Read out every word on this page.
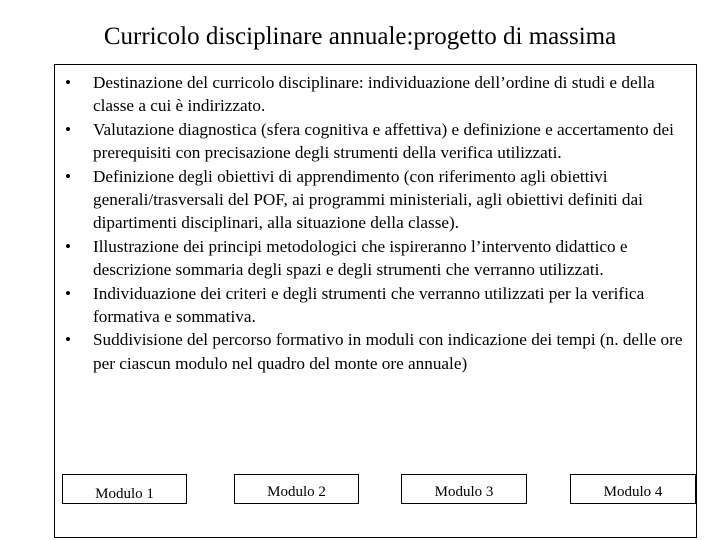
Curricolo disciplinare annuale:progetto di massima
• Destinazione del curricolo disciplinare: individuazione dell’ordine di studi e della classe a cui è indirizzato.
• Valutazione diagnostica (sfera cognitiva e affettiva) e definizione e accertamento dei prerequisiti con precisazione degli strumenti della verifica utilizzati.
• Definizione degli obiettivi di apprendimento (con riferimento agli obiettivi generali/trasversali del POF, ai programmi ministeriali, agli obiettivi definiti dai dipartimenti disciplinari, alla situazione della classe).
• Illustrazione dei principi metodologici che ispireranno l’intervento didattico e descrizione sommaria degli spazi e degli strumenti che verranno utilizzati.
• Individuazione dei criteri e degli strumenti che verranno utilizzati per la verifica formativa e sommativa.
• Suddivisione del percorso formativo in moduli con indicazione dei tempi (n. delle ore per ciascun modulo nel quadro del monte ore annuale)
Modulo 1	Modulo 2	Modulo 3	Modulo 4
